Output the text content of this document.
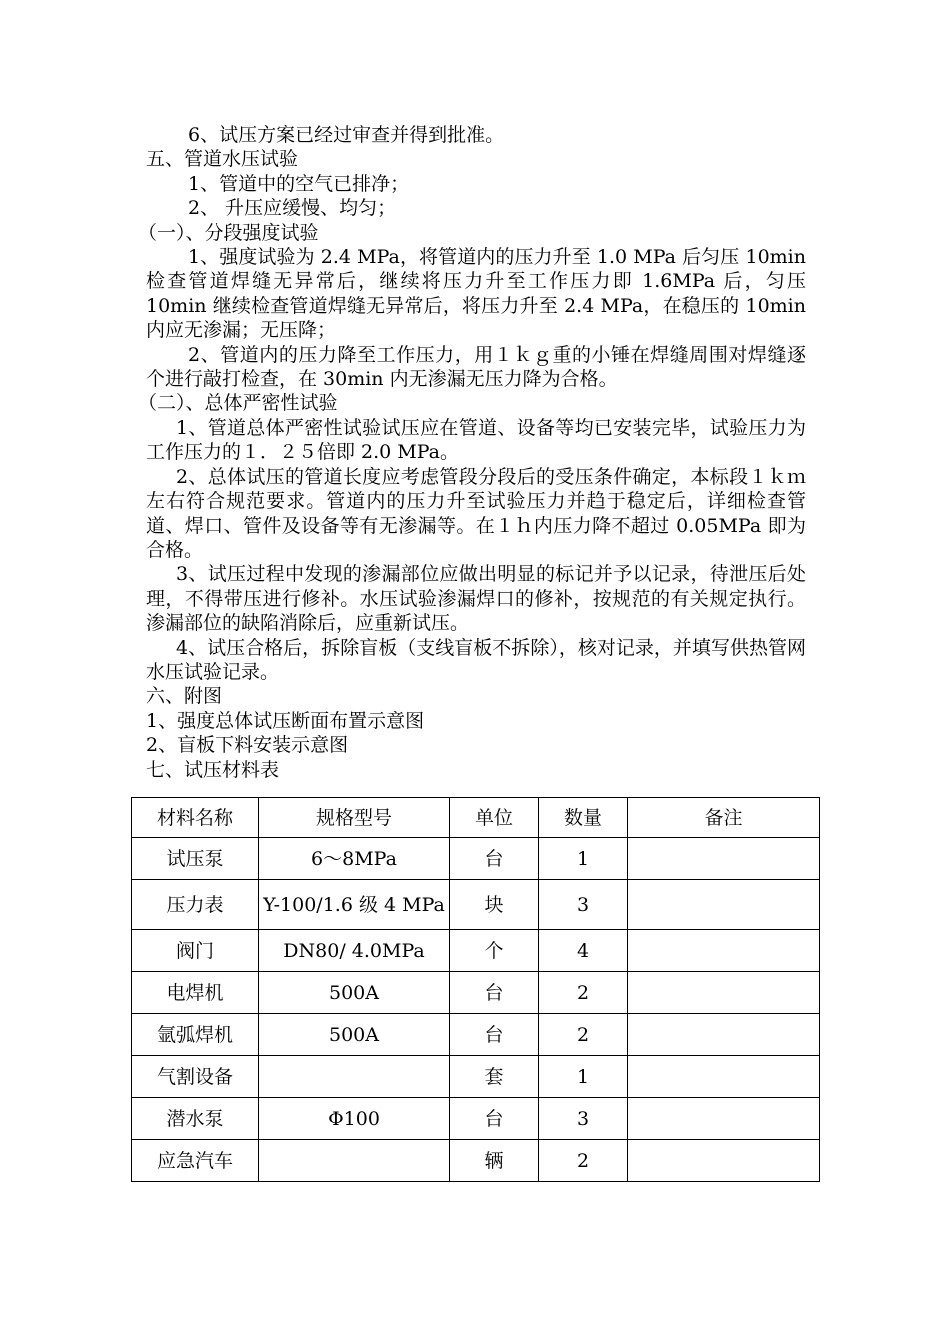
6、试压方案已经过审查并得到批准。

五、管道水压试验

1、管道中的空气已排净；

2、 升压应缓慢、均匀；

（一）、分段强度试验

1、强度试验为 2.4 MPa，将管道内的压力升至 1.0 MPa 后匀压 10min 检查管道焊缝无异常后，继续将压力升至工作压力即 1.6MPa 后，匀压 10min 继续检查管道焊缝无异常后，将压力升至 2.4 MPa，在稳压的 10min 内应无渗漏；无压降；

2、管道内的压力降至工作压力，用１ｋｇ重的小锤在焊缝周围对焊缝逐个进行敲打检查，在 30min 内无渗漏无压力降为合格。

（二）、总体严密性试验

1、管道总体严密性试验试压应在管道、设备等均已安装完毕，试验压力为工作压力的１．２５倍即 2.0 MPa。

2、总体试压的管道长度应考虑管段分段后的受压条件确定，本标段１ｋｍ左右符合规范要求。管道内的压力升至试验压力并趋于稳定后，详细检查管道、焊口、管件及设备等有无渗漏等。在１ｈ内压力降不超过 0.05MPa 即为合格。

3、试压过程中发现的渗漏部位应做出明显的标记并予以记录，待泄压后处理，不得带压进行修补。水压试验渗漏焊口的修补，按规范的有关规定执行。渗漏部位的缺陷消除后，应重新试压。

4、试压合格后，拆除盲板（支线盲板不拆除），核对记录，并填写供热管网水压试验记录。

六、附图

1、强度总体试压断面布置示意图

2、盲板下料安装示意图

七、试压材料表

材料名称	规格型号	单位	数量	备注
试压泵	6～8MPa	台	1	
压力表	Y-100/1.6 级 4 MPa	块	3	
阀门	DN80/ 4.0MPa	个	4	
电焊机	500A	台	2	
氩弧焊机	500A	台	2	
气割设备		套	1	
潜水泵	Φ100	台	3	
应急汽车		辆	2	
